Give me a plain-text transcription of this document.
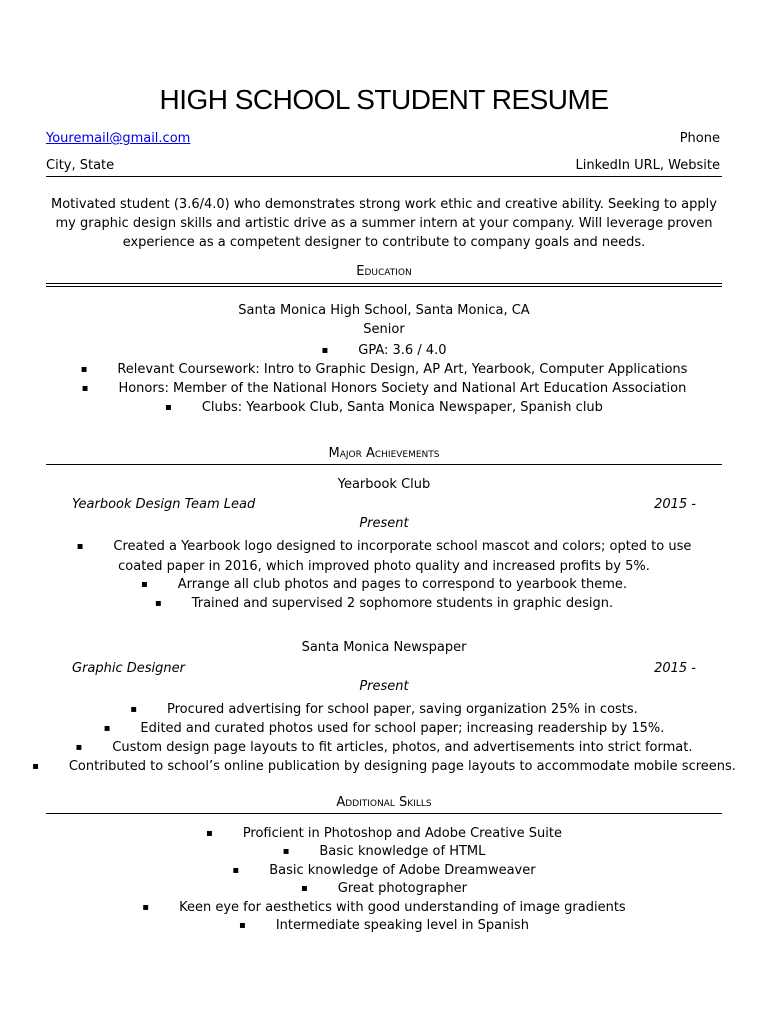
HIGH SCHOOL STUDENT RESUME
Youremail@gmail.com	Phone
City, State	LinkedIn URL, Website
Motivated student (3.6/4.0) who demonstrates strong work ethic and creative ability. Seeking to apply my graphic design skills and artistic drive as a summer intern at your company. Will leverage proven experience as a competent designer to contribute to company goals and needs.
Education
Santa Monica High School, Santa Monica, CA
Senior
▪ GPA: 3.6 / 4.0
▪ Relevant Coursework: Intro to Graphic Design, AP Art, Yearbook, Computer Applications
▪ Honors: Member of the National Honors Society and National Art Education Association
▪ Clubs: Yearbook Club, Santa Monica Newspaper, Spanish club
Major Achievements
Yearbook Club
Yearbook Design Team Lead	2015 -
Present
▪ Created a Yearbook logo designed to incorporate school mascot and colors; opted to use coated paper in 2016, which improved photo quality and increased profits by 5%.
▪ Arrange all club photos and pages to correspond to yearbook theme.
▪ Trained and supervised 2 sophomore students in graphic design.
Santa Monica Newspaper
Graphic Designer	2015 -
Present
▪ Procured advertising for school paper, saving organization 25% in costs.
▪ Edited and curated photos used for school paper; increasing readership by 15%.
▪ Custom design page layouts to fit articles, photos, and advertisements into strict format.
▪ Contributed to school’s online publication by designing page layouts to accommodate mobile screens.
Additional Skills
▪ Proficient in Photoshop and Adobe Creative Suite
▪ Basic knowledge of HTML
▪ Basic knowledge of Adobe Dreamweaver
▪ Great photographer
▪ Keen eye for aesthetics with good understanding of image gradients
▪ Intermediate speaking level in Spanish
